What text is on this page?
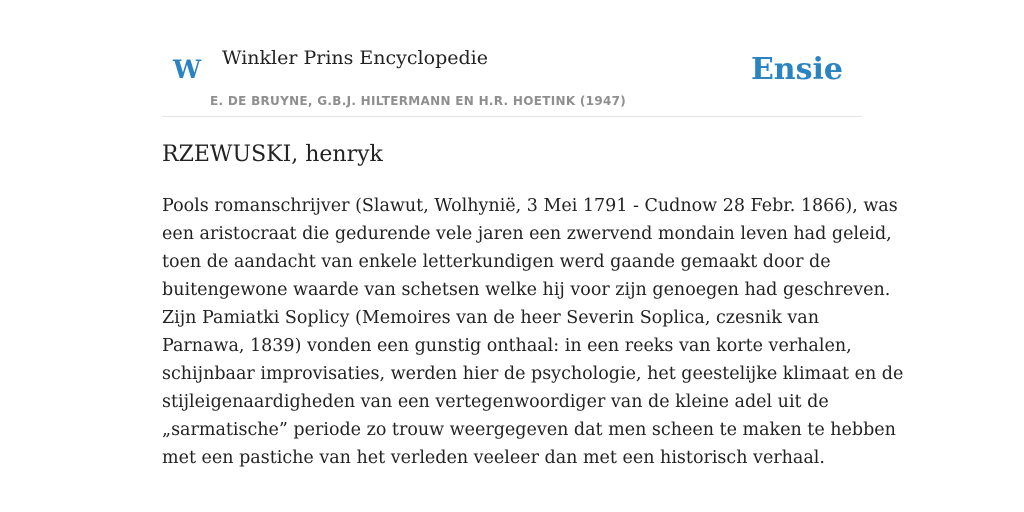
W Winkler Prins Encyclopedie
E. DE BRUYNE, G.B.J. HILTERMANN EN H.R. HOETINK (1947)
Ensie
RZEWUSKI, henryk

Pools romanschrijver (Slawut, Wolhynië, 3 Mei 1791 - Cudnow 28 Febr. 1866), was
een aristocraat die gedurende vele jaren een zwervend mondain leven had geleid,
toen de aandacht van enkele letterkundigen werd gaande gemaakt door de
buitengewone waarde van schetsen welke hij voor zijn genoegen had geschreven.
Zijn Pamiatki Soplicy (Memoires van de heer Severin Soplica, czesnik van
Parnawa, 1839) vonden een gunstig onthaal: in een reeks van korte verhalen,
schijnbaar improvisaties, werden hier de psychologie, het geestelijke klimaat en de
stijleigenaardigheden van een vertegenwoordiger van de kleine adel uit de
„sarmatische” periode zo trouw weergegeven dat men scheen te maken te hebben
met een pastiche van het verleden veeleer dan met een historisch verhaal.
